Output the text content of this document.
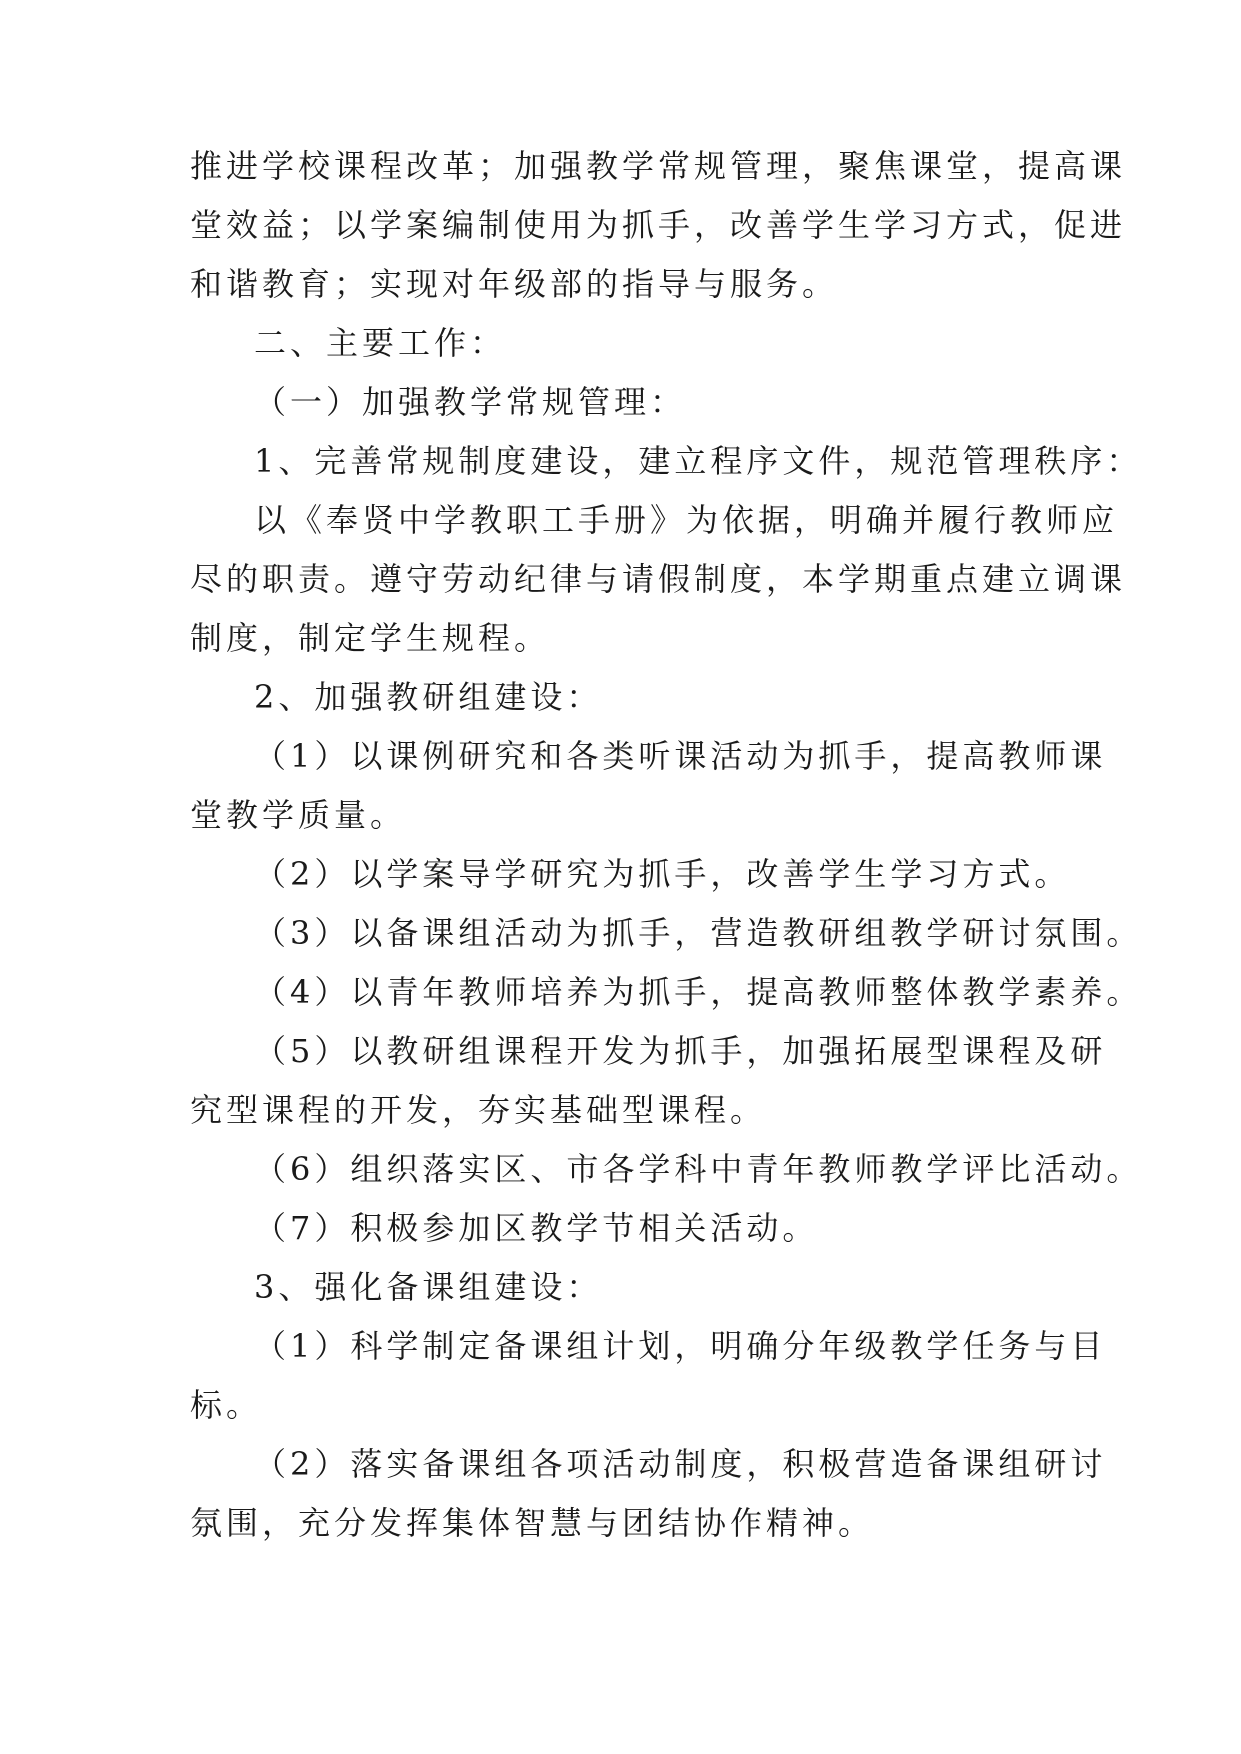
推进学校课程改革；加强教学常规管理，聚焦课堂，提高课
堂效益；以学案编制使用为抓手，改善学生学习方式，促进
和谐教育；实现对年级部的指导与服务。
二、主要工作：
（一）加强教学常规管理：
1、完善常规制度建设，建立程序文件，规范管理秩序：
以《奉贤中学教职工手册》为依据，明确并履行教师应
尽的职责。遵守劳动纪律与请假制度，本学期重点建立调课
制度，制定学生规程。
2、加强教研组建设：
（1）以课例研究和各类听课活动为抓手，提高教师课
堂教学质量。
（2）以学案导学研究为抓手，改善学生学习方式。
（3）以备课组活动为抓手，营造教研组教学研讨氛围。
（4）以青年教师培养为抓手，提高教师整体教学素养。
（5）以教研组课程开发为抓手，加强拓展型课程及研
究型课程的开发，夯实基础型课程。
（6）组织落实区、市各学科中青年教师教学评比活动。
（7）积极参加区教学节相关活动。
3、强化备课组建设：
（1）科学制定备课组计划，明确分年级教学任务与目
标。
（2）落实备课组各项活动制度，积极营造备课组研讨
氛围，充分发挥集体智慧与团结协作精神。
